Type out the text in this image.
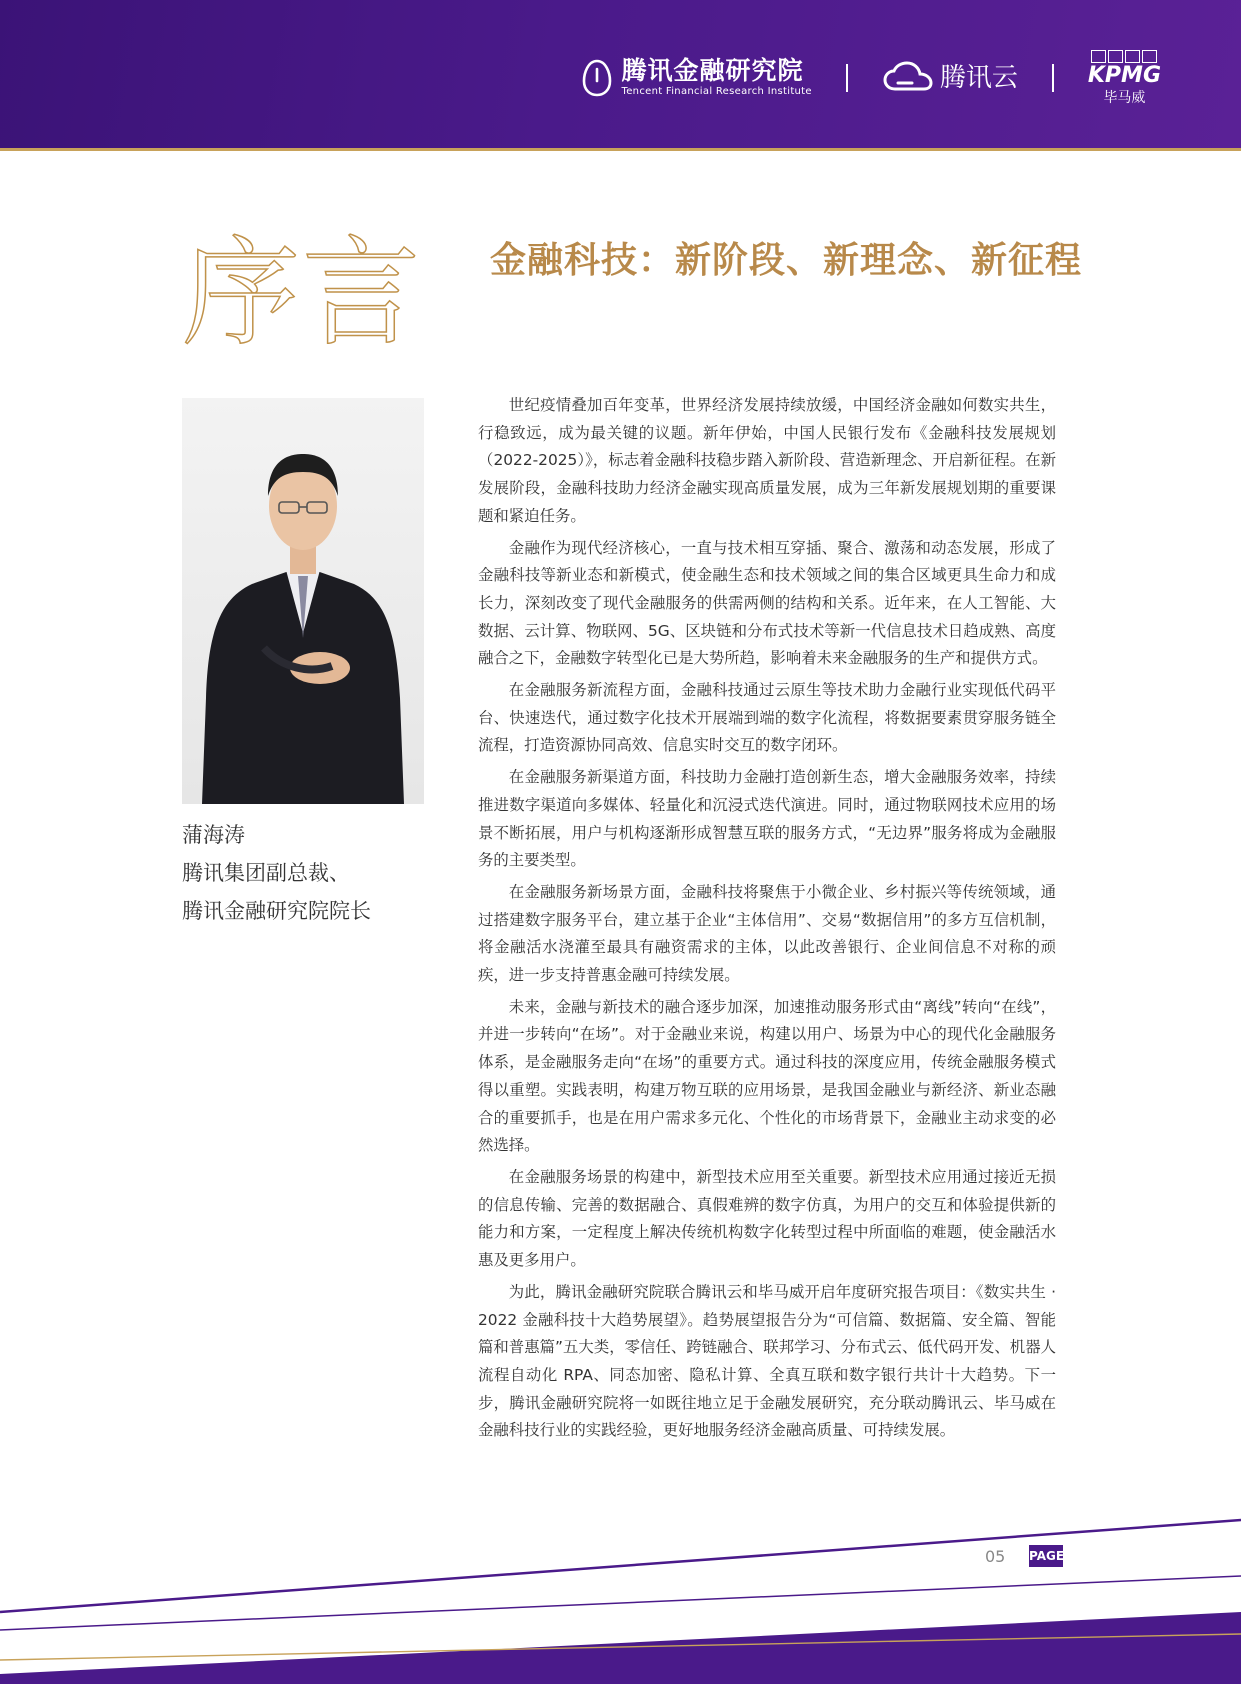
腾讯金融研究院
Tencent Financial Research Institute	腾讯云	KPMG
毕马威
序言 金融科技：新阶段、新理念、新征程
蒲海涛
腾讯集团副总裁、
腾讯金融研究院院长

世纪疫情叠加百年变革，世界经济发展持续放缓，中国经济金融如何数实共生，行稳致远，成为最关键的议题。新年伊始，中国人民银行发布《金融科技发展规划（2022-2025）》，标志着金融科技稳步踏入新阶段、营造新理念、开启新征程。在新发展阶段，金融科技助力经济金融实现高质量发展，成为三年新发展规划期的重要课题和紧迫任务。

金融作为现代经济核心，一直与技术相互穿插、聚合、激荡和动态发展，形成了金融科技等新业态和新模式，使金融生态和技术领域之间的集合区域更具生命力和成长力，深刻改变了现代金融服务的供需两侧的结构和关系。近年来，在人工智能、大数据、云计算、物联网、5G、区块链和分布式技术等新一代信息技术日趋成熟、高度融合之下，金融数字转型化已是大势所趋，影响着未来金融服务的生产和提供方式。

在金融服务新流程方面，金融科技通过云原生等技术助力金融行业实现低代码平台、快速迭代，通过数字化技术开展端到端的数字化流程，将数据要素贯穿服务链全流程，打造资源协同高效、信息实时交互的数字闭环。

在金融服务新渠道方面，科技助力金融打造创新生态，增大金融服务效率，持续推进数字渠道向多媒体、轻量化和沉浸式迭代演进。同时，通过物联网技术应用的场景不断拓展，用户与机构逐渐形成智慧互联的服务方式，“无边界”服务将成为金融服务的主要类型。

在金融服务新场景方面，金融科技将聚焦于小微企业、乡村振兴等传统领域，通过搭建数字服务平台，建立基于企业“主体信用”、交易“数据信用”的多方互信机制，将金融活水浇灌至最具有融资需求的主体，以此改善银行、企业间信息不对称的顽疾，进一步支持普惠金融可持续发展。

未来，金融与新技术的融合逐步加深，加速推动服务形式由“离线”转向“在线”，并进一步转向“在场”。对于金融业来说，构建以用户、场景为中心的现代化金融服务体系，是金融服务走向“在场”的重要方式。通过科技的深度应用，传统金融服务模式得以重塑。实践表明，构建万物互联的应用场景，是我国金融业与新经济、新业态融合的重要抓手，也是在用户需求多元化、个性化的市场背景下，金融业主动求变的必然选择。

在金融服务场景的构建中，新型技术应用至关重要。新型技术应用通过接近无损的信息传输、完善的数据融合、真假难辨的数字仿真，为用户的交互和体验提供新的能力和方案，一定程度上解决传统机构数字化转型过程中所面临的难题，使金融活水惠及更多用户。

为此，腾讯金融研究院联合腾讯云和毕马威开启年度研究报告项目：《数实共生 · 2022 金融科技十大趋势展望》。趋势展望报告分为“可信篇、数据篇、安全篇、智能篇和普惠篇”五大类，零信任、跨链融合、联邦学习、分布式云、低代码开发、机器人流程自动化 RPA、同态加密、隐私计算、全真互联和数字银行共计十大趋势。下一步，腾讯金融研究院将一如既往地立足于金融发展研究，充分联动腾讯云、毕马威在金融科技行业的实践经验，更好地服务经济金融高质量、可持续发展。

05 PAGE
